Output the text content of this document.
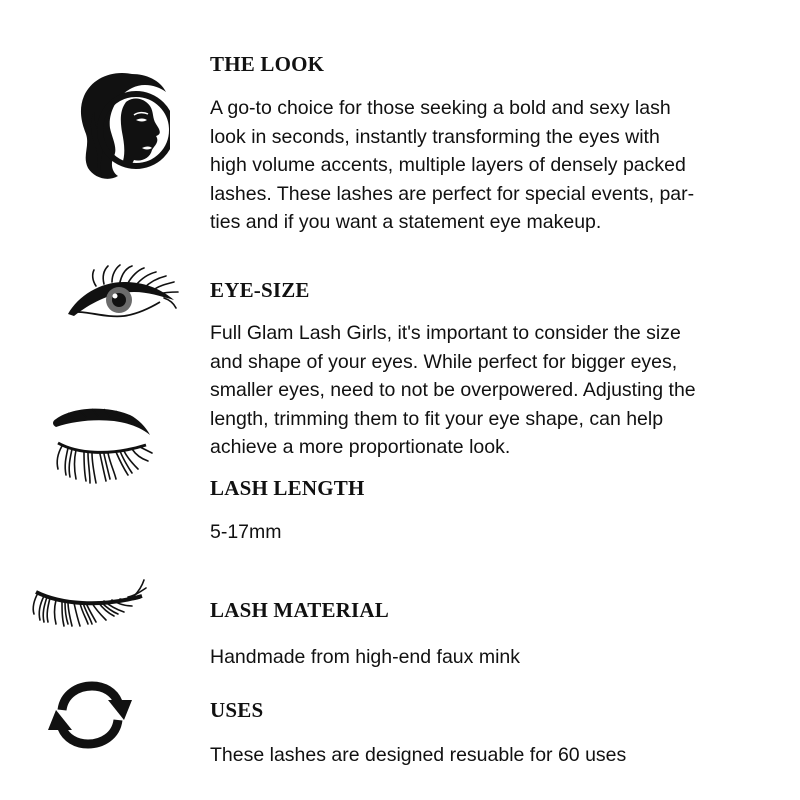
THE LOOK

A go-to choice for those seeking a bold and sexy lash
look in seconds, instantly transforming the eyes with
high volume accents, multiple layers of densely packed
lashes. These lashes are perfect for special events, par-
ties and if you want a statement eye makeup.

EYE-SIZE

Full Glam Lash Girls, it's important to consider the size
and shape of your eyes. While perfect for bigger eyes,
smaller eyes, need to not be overpowered. Adjusting the
length, trimming them to fit your eye shape, can help
achieve a more proportionate look.

LASH LENGTH

5-17mm

LASH MATERIAL

Handmade from high-end faux mink

USES

These lashes are designed resuable for 60 uses
